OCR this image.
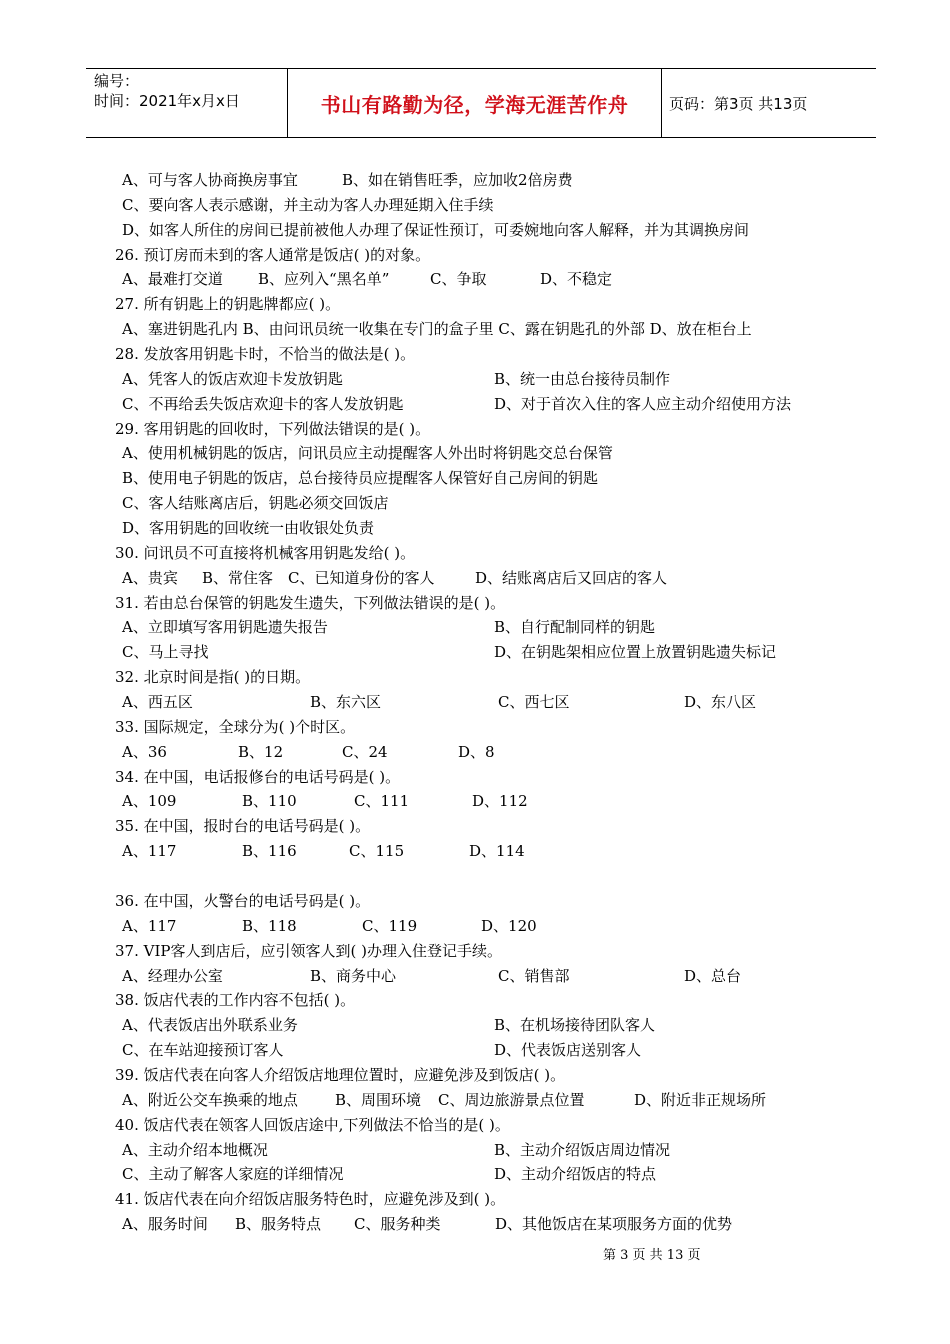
编号：
时间：2021年x月x日	书山有路勤为径，学海无涯苦作舟	页码：第3页 共13页
A、可与客人协商换房事宜	B、如在销售旺季，应加收2倍房费
C、要向客人表示感谢，并主动为客人办理延期入住手续
D、如客人所住的房间已提前被他人办理了保证性预订，可委婉地向客人解释，并为其调换房间
26. 预订房而未到的客人通常是饭店( )的对象。
A、最难打交道 B、应列入“黑名单”	C、争取	D、不稳定
27. 所有钥匙上的钥匙牌都应( )。
A、塞进钥匙孔内 B、由问讯员统一收集在专门的盒子里 C、露在钥匙孔的外部 D、放在柜台上
28. 发放客用钥匙卡时，不恰当的做法是( )。
A、凭客人的饭店欢迎卡发放钥匙	B、统一由总台接待员制作
C、不再给丢失饭店欢迎卡的客人发放钥匙	D、对于首次入住的客人应主动介绍使用方法
29. 客用钥匙的回收时，下列做法错误的是( )。
A、使用机械钥匙的饭店，问讯员应主动提醒客人外出时将钥匙交总台保管
B、使用电子钥匙的饭店，总台接待员应提醒客人保管好自己房间的钥匙
C、客人结账离店后，钥匙必须交回饭店
D、客用钥匙的回收统一由收银处负责
30. 问讯员不可直接将机械客用钥匙发给( )。
A、贵宾 B、常住客 C、已知道身份的客人	D、结账离店后又回店的客人
31. 若由总台保管的钥匙发生遗失，下列做法错误的是( )。
A、立即填写客用钥匙遗失报告	B、自行配制同样的钥匙
C、马上寻找	D、在钥匙架相应位置上放置钥匙遗失标记
32. 北京时间是指( )的日期。
A、西五区	B、东六区	C、西七区	D、东八区
33. 国际规定，全球分为( )个时区。
A、36	B、12	C、24	D、8
34. 在中国，电话报修台的电话号码是( )。
A、109	B、110	C、111	D、112
35. 在中国，报时台的电话号码是( )。
A、117	B、116	C、115	D、114
36. 在中国，火警台的电话号码是( )。
A、117	B、118	C、119	D、120
37. VIP客人到店后，应引领客人到( )办理入住登记手续。
A、经理办公室	B、商务中心	C、销售部	D、总台
38. 饭店代表的工作内容不包括( )。
A、代表饭店出外联系业务	B、在机场接待团队客人
C、在车站迎接预订客人	D、代表饭店送别客人
39. 饭店代表在向客人介绍饭店地理位置时，应避免涉及到饭店( )。
A、附近公交车换乘的地点 B、周围环境 C、周边旅游景点位置	D、附近非正规场所
40. 饭店代表在领客人回饭店途中,下列做法不恰当的是( )。
A、主动介绍本地概况	B、主动介绍饭店周边情况
C、主动了解客人家庭的详细情况	D、主动介绍饭店的特点
41. 饭店代表在向介绍饭店服务特色时，应避免涉及到( )。
A、服务时间 B、服务特点 C、服务种类	D、其他饭店在某项服务方面的优势
第 3 页 共 13 页
